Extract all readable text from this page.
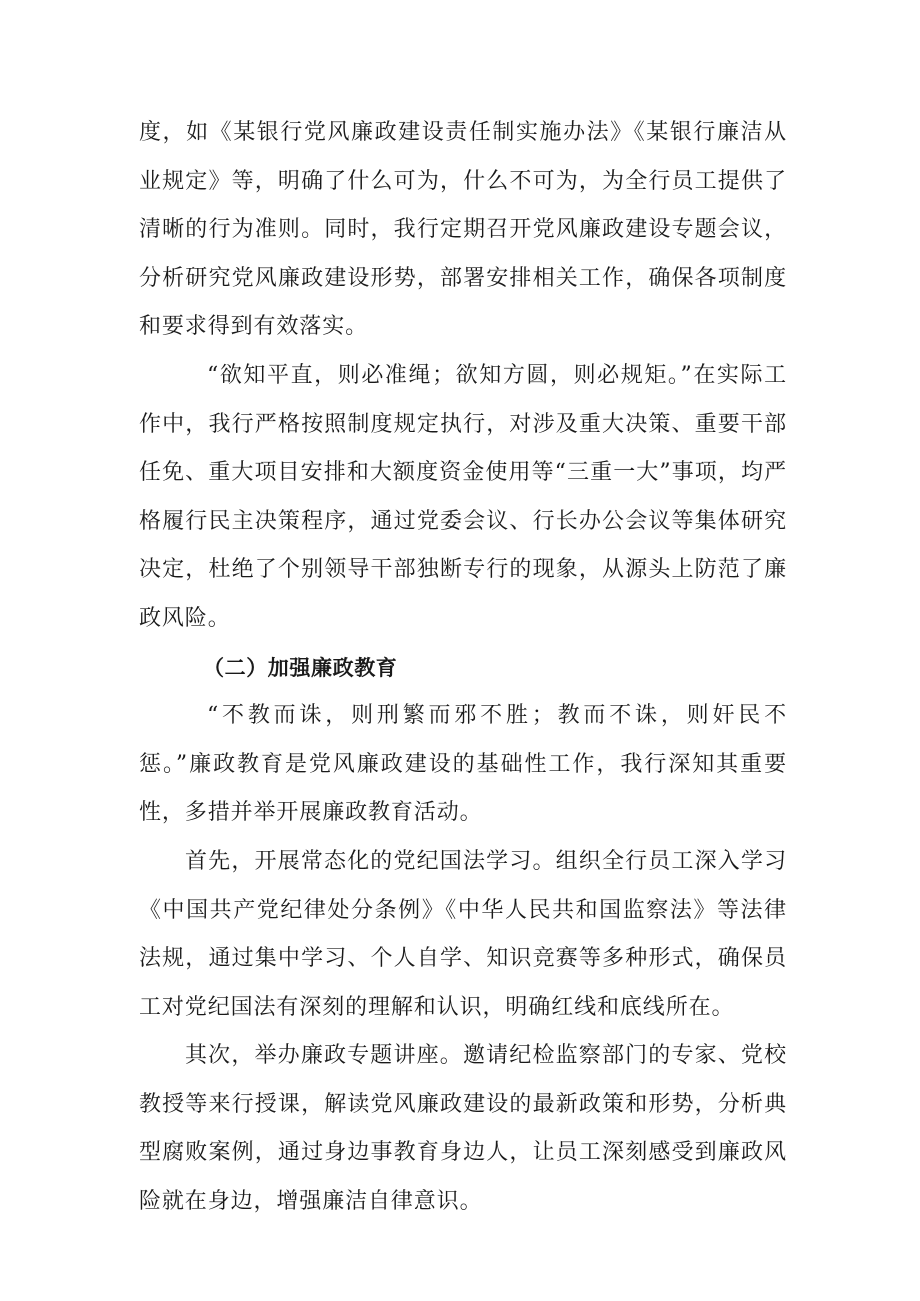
度，如《某银行党风廉政建设责任制实施办法》《某银行廉洁从业规定》等，明确了什么可为，什么不可为，为全行员工提供了清晰的行为准则。同时，我行定期召开党风廉政建设专题会议，分析研究党风廉政建设形势，部署安排相关工作，确保各项制度和要求得到有效落实。

“欲知平直，则必准绳；欲知方圆，则必规矩。”在实际工作中，我行严格按照制度规定执行，对涉及重大决策、重要干部任免、重大项目安排和大额度资金使用等“三重一大”事项，均严格履行民主决策程序，通过党委会议、行长办公会议等集体研究决定，杜绝了个别领导干部独断专行的现象，从源头上防范了廉政风险。

（二）加强廉政教育

“不教而诛，则刑繁而邪不胜；教而不诛，则奸民不惩。”廉政教育是党风廉政建设的基础性工作，我行深知其重要性，多措并举开展廉政教育活动。

首先，开展常态化的党纪国法学习。组织全行员工深入学习《中国共产党纪律处分条例》《中华人民共和国监察法》等法律法规，通过集中学习、个人自学、知识竞赛等多种形式，确保员工对党纪国法有深刻的理解和认识，明确红线和底线所在。

其次，举办廉政专题讲座。邀请纪检监察部门的专家、党校教授等来行授课，解读党风廉政建设的最新政策和形势，分析典型腐败案例，通过身边事教育身边人，让员工深刻感受到廉政风险就在身边，增强廉洁自律意识。
